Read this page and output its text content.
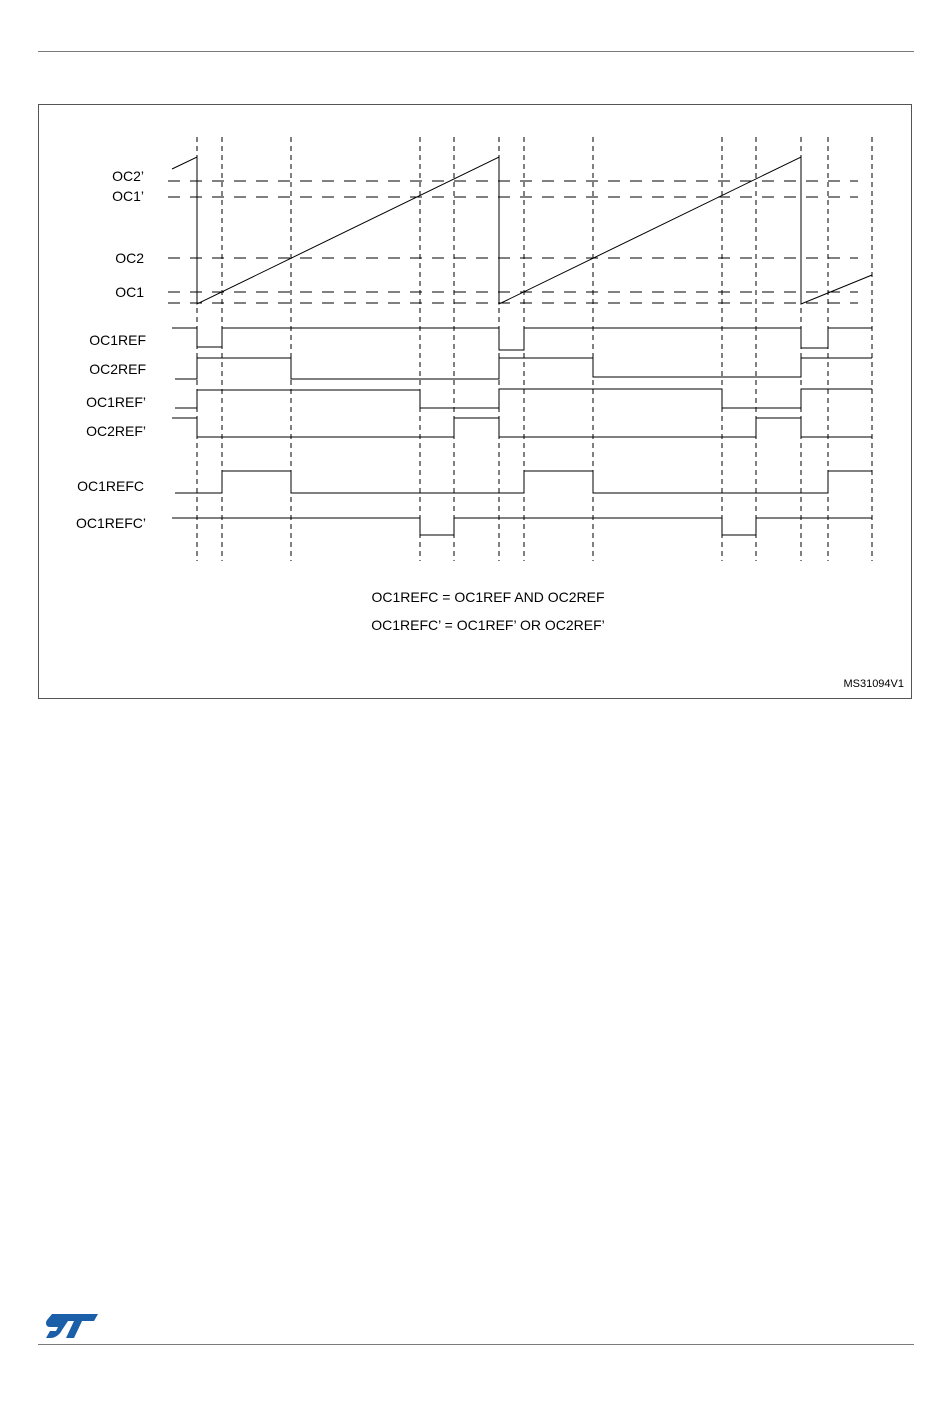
OC2’
OC1’
OC2
OC1
OC1REF
OC2REF
OC1REF’
OC2REF’
OC1REFC
OC1REFC’
OC1REFC = OC1REF AND OC2REF
OC1REFC’ = OC1REF’ OR OC2REF’
MS31094V1
